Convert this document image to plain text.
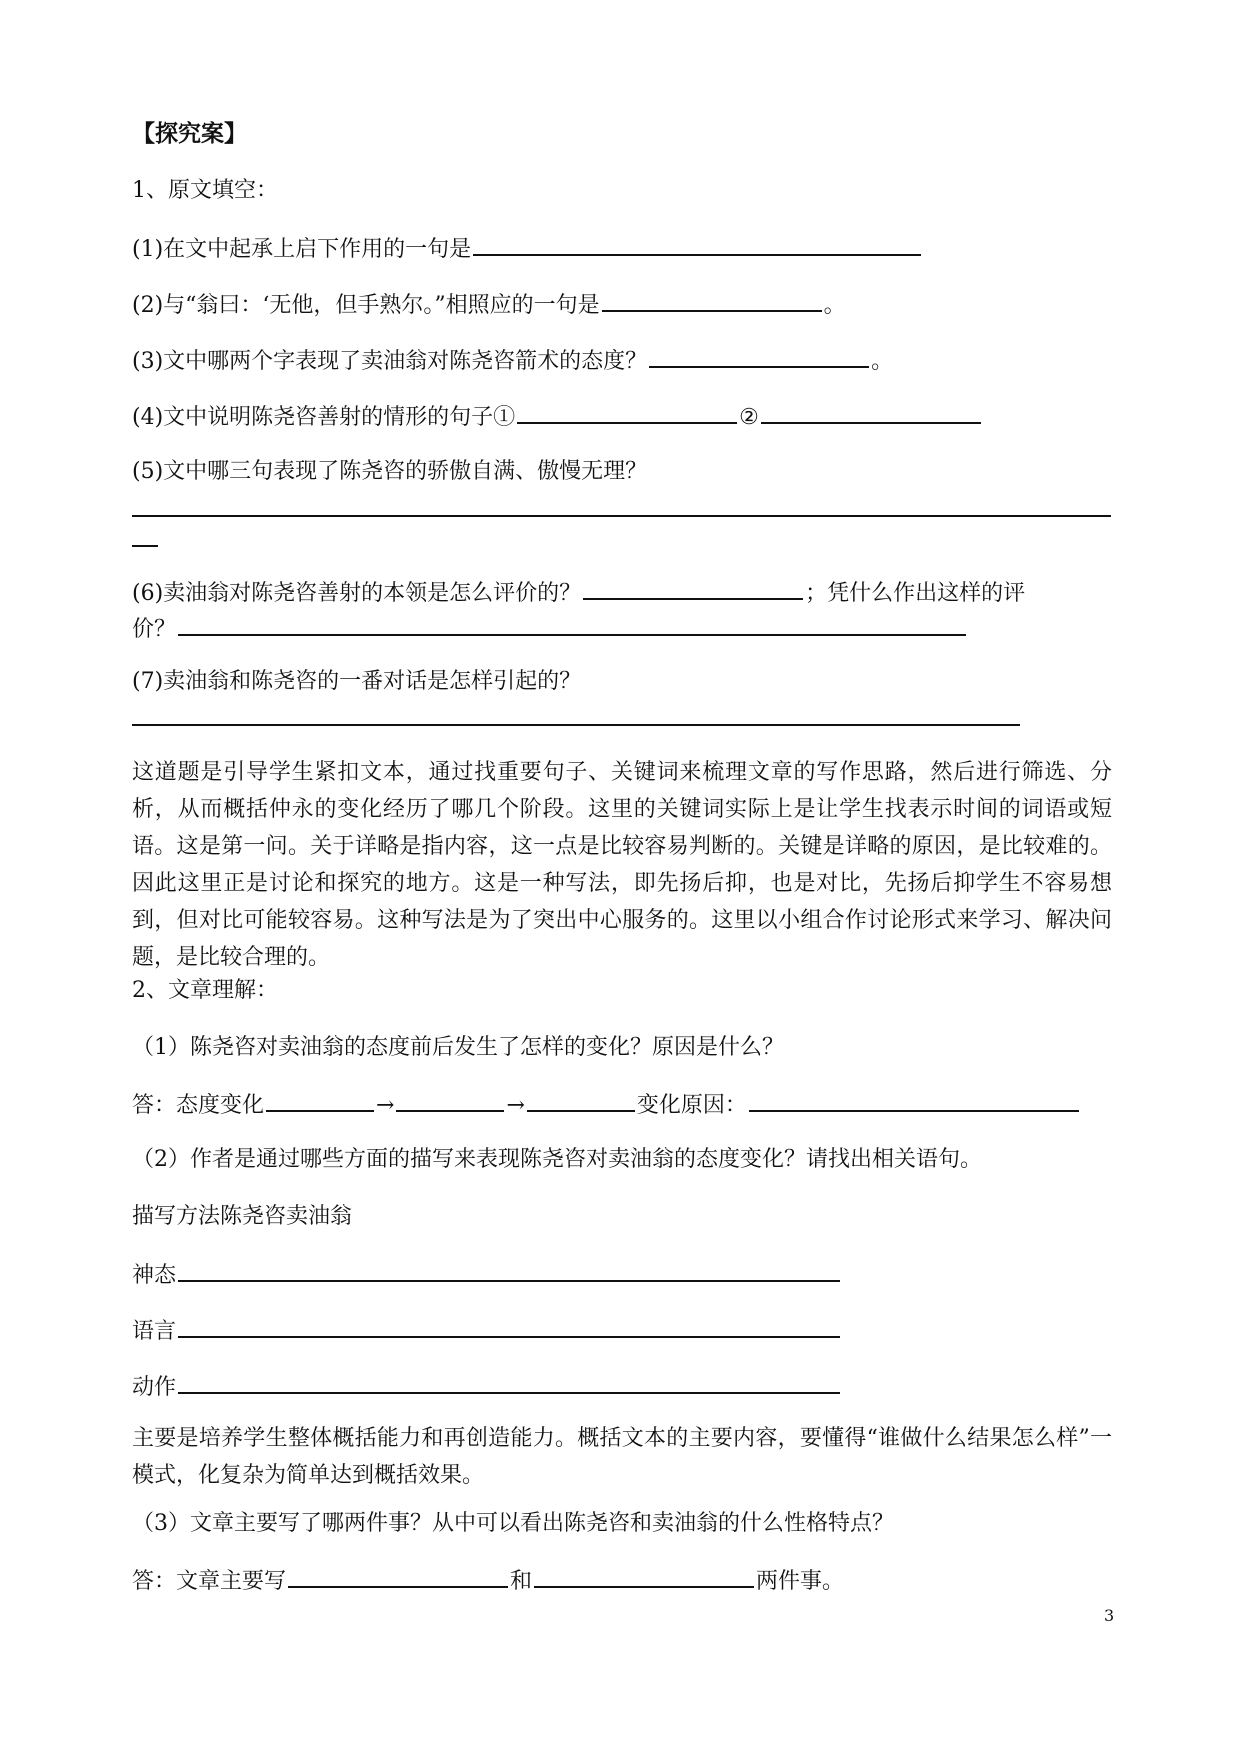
【探究案】
1、原文填空：
(1)在文中起承上启下作用的一句是
(2)与“翁曰：‘无他，但手熟尔。”相照应的一句是	。
(3)文中哪两个字表现了卖油翁对陈尧咨箭术的态度？	。
(4)文中说明陈尧咨善射的情形的句子①	②
(5)文中哪三句表现了陈尧咨的骄傲自满、傲慢无理？
(6)卖油翁对陈尧咨善射的本领是怎么评价的？	；凭什么作出这样的评
价？
(7)卖油翁和陈尧咨的一番对话是怎样引起的？
这道题是引导学生紧扣文本，通过找重要句子、关键词来梳理文章的写作思路，然后进行筛选、分析，从而概括仲永的变化经历了哪几个阶段。这里的关键词实际上是让学生找表示时间的词语或短语。这是第一问。关于详略是指内容，这一点是比较容易判断的。关键是详略的原因，是比较难的。因此这里正是讨论和探究的地方。这是一种写法，即先扬后抑，也是对比，先扬后抑学生不容易想到，但对比可能较容易。这种写法是为了突出中心服务的。这里以小组合作讨论形式来学习、解决问题，是比较合理的。
2、文章理解：
（1）陈尧咨对卖油翁的态度前后发生了怎样的变化？原因是什么？
答：态度变化	→	→	变化原因：
（2）作者是通过哪些方面的描写来表现陈尧咨对卖油翁的态度变化？请找出相关语句。
描写方法陈尧咨卖油翁
神态
语言
动作
主要是培养学生整体概括能力和再创造能力。概括文本的主要内容，要懂得“谁做什么结果怎么样”一模式，化复杂为简单达到概括效果。
（3）文章主要写了哪两件事？从中可以看出陈尧咨和卖油翁的什么性格特点？
答：文章主要写	和	两件事。
3
